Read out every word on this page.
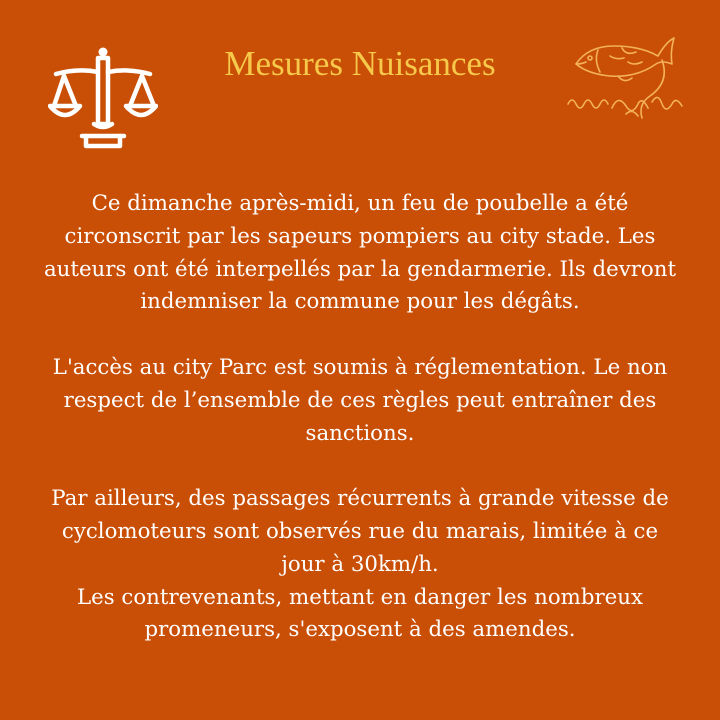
Mesures Nuisances

Ce dimanche après-midi, un feu de poubelle a été
circonscrit par les sapeurs pompiers au city stade. Les
auteurs ont été interpellés par la gendarmerie. Ils devront
indemniser la commune pour les dégâts.

L'accès au city Parc est soumis à réglementation. Le non
respect de l’ensemble de ces règles peut entraîner des
sanctions.

Par ailleurs, des passages récurrents à grande vitesse de
cyclomoteurs sont observés rue du marais, limitée à ce
jour à 30km/h.
Les contrevenants, mettant en danger les nombreux
promeneurs, s'exposent à des amendes.
